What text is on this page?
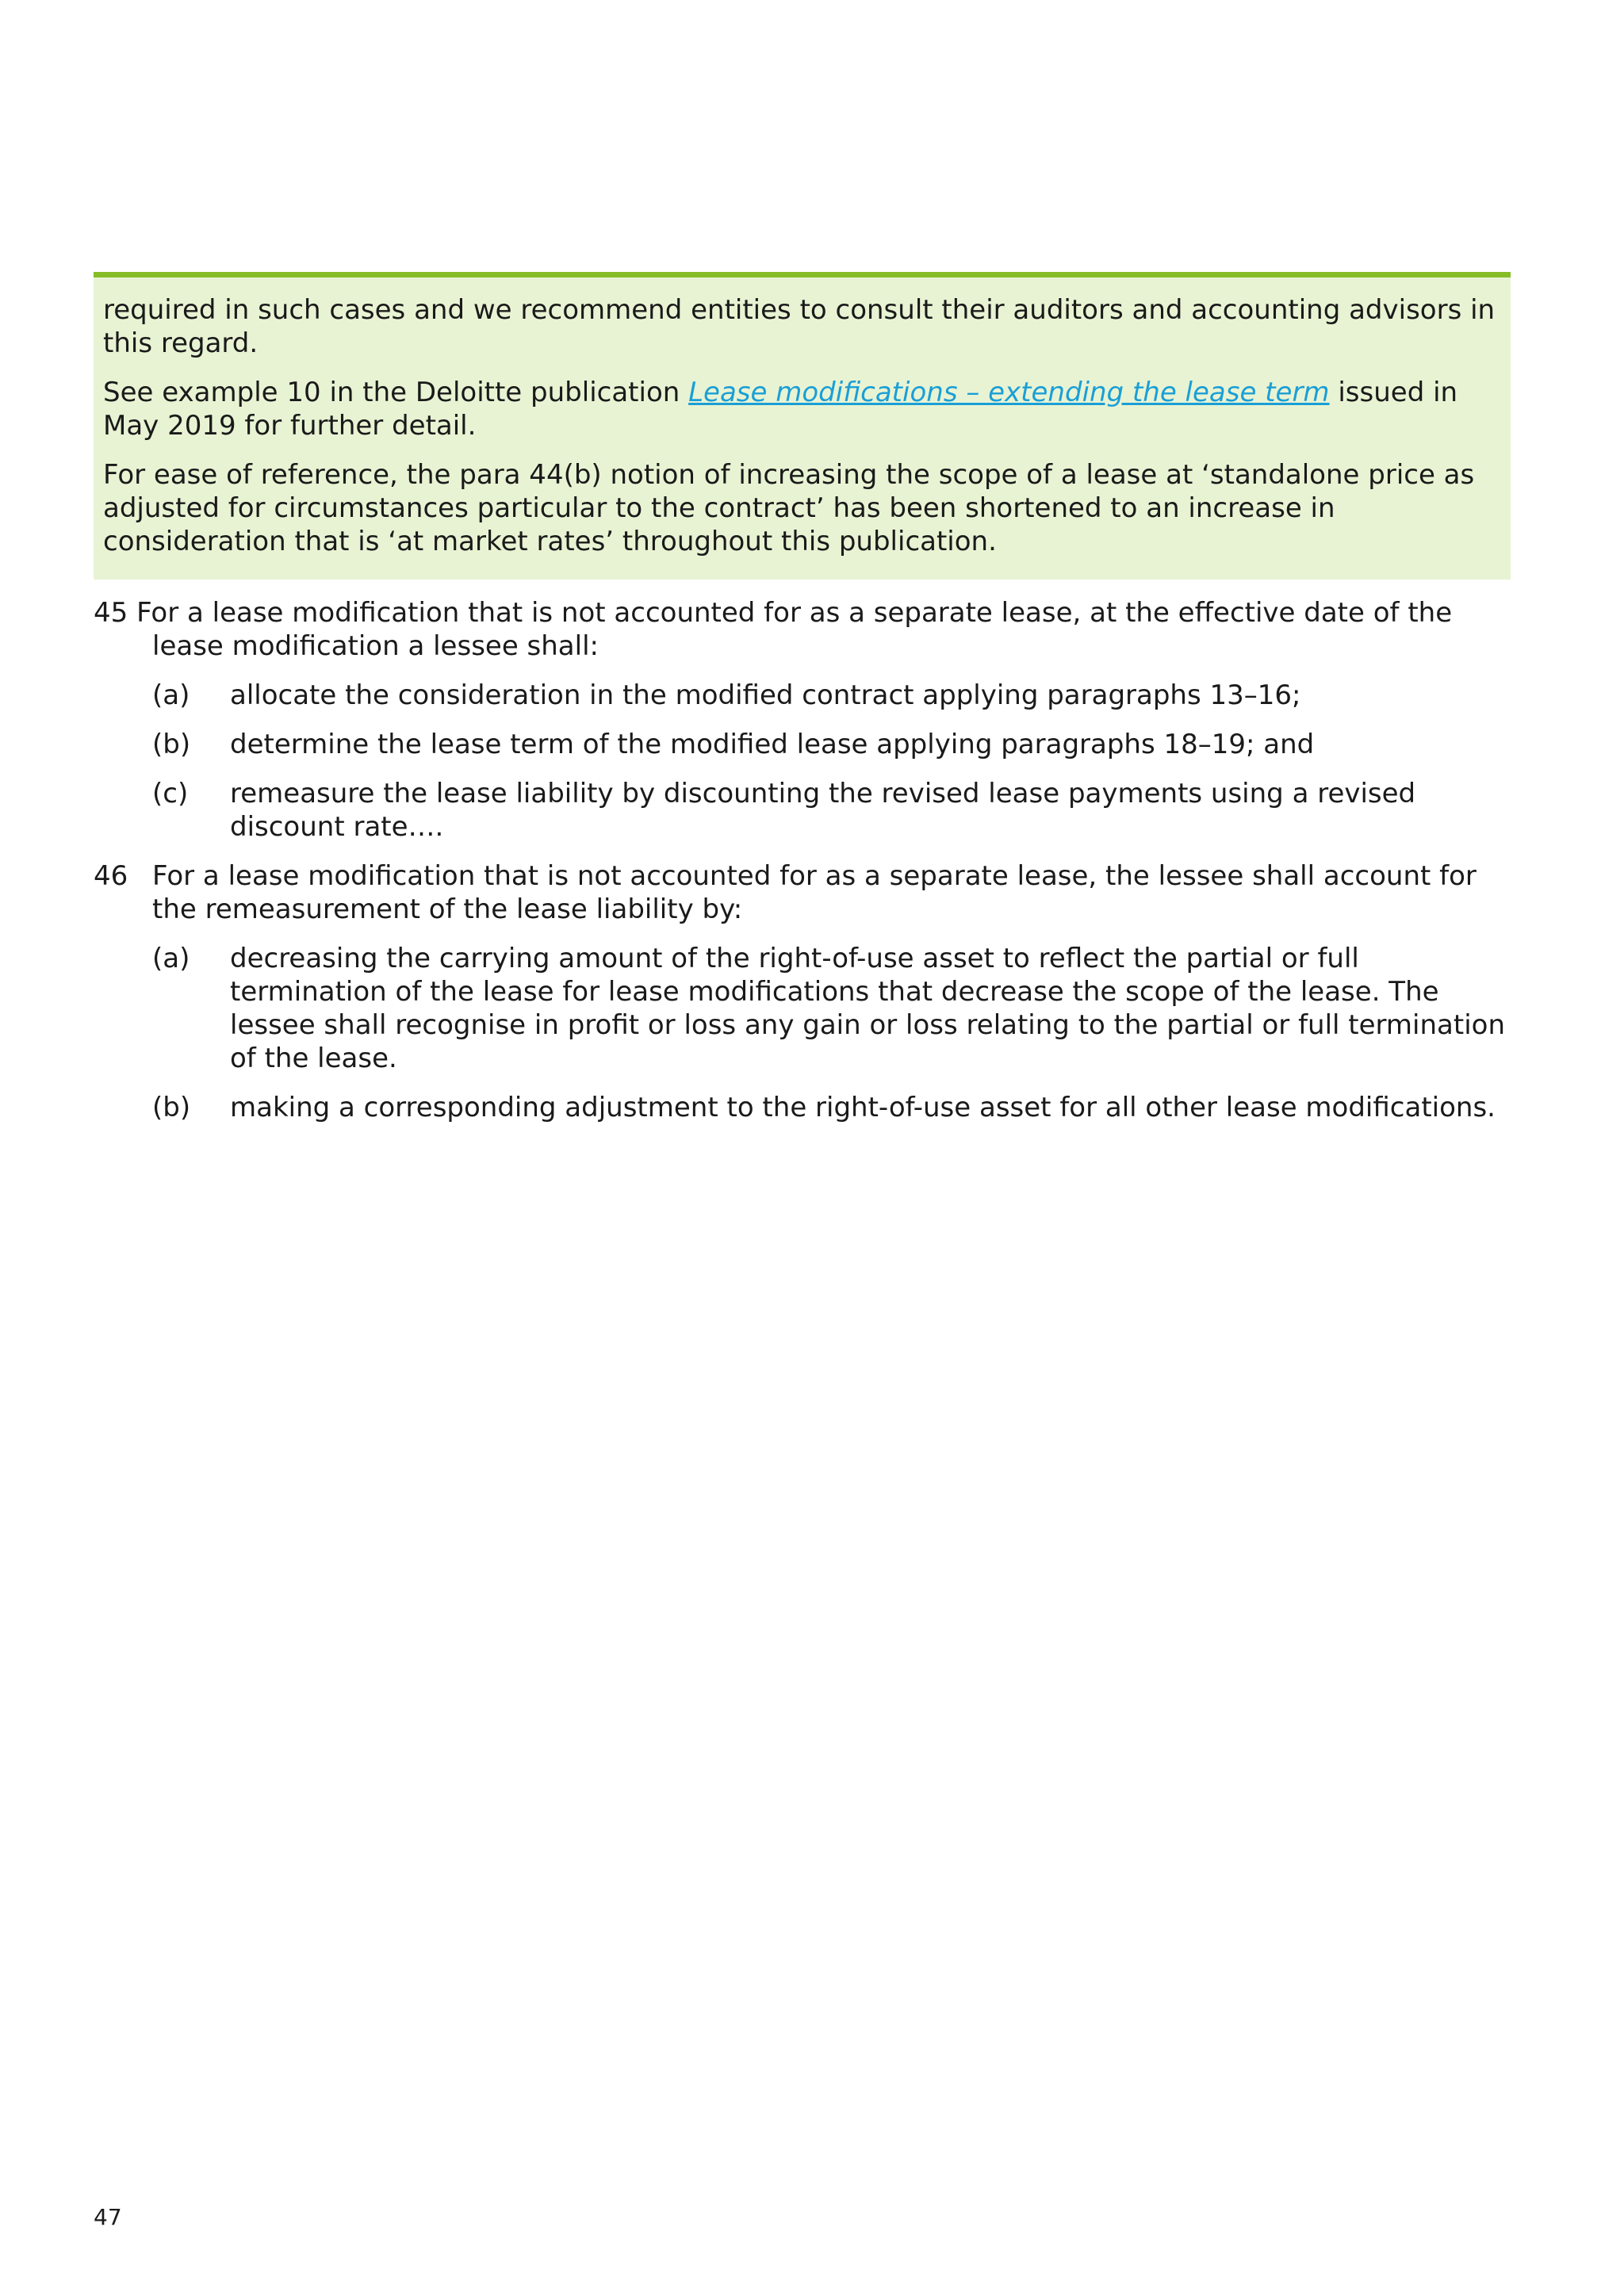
required in such cases and we recommend entities to consult their auditors and accounting advisors in this regard.

See example 10 in the Deloitte publication Lease modifications – extending the lease term issued in May 2019 for further detail.

For ease of reference, the para 44(b) notion of increasing the scope of a lease at ‘standalone price as adjusted for circumstances particular to the contract’ has been shortened to an increase in consideration that is ‘at market rates’ throughout this publication.

45 For a lease modification that is not accounted for as a separate lease, at the effective date of the lease modification a lessee shall:
(a) allocate the consideration in the modified contract applying paragraphs 13–16;
(b) determine the lease term of the modified lease applying paragraphs 18–19; and
(c) remeasure the lease liability by discounting the revised lease payments using a revised discount rate….
46 For a lease modification that is not accounted for as a separate lease, the lessee shall account for the remeasurement of the lease liability by:
(a) decreasing the carrying amount of the right-of-use asset to reflect the partial or full termination of the lease for lease modifications that decrease the scope of the lease. The lessee shall recognise in profit or loss any gain or loss relating to the partial or full termination of the lease.
(b) making a corresponding adjustment to the right-of-use asset for all other lease modifications.
47
